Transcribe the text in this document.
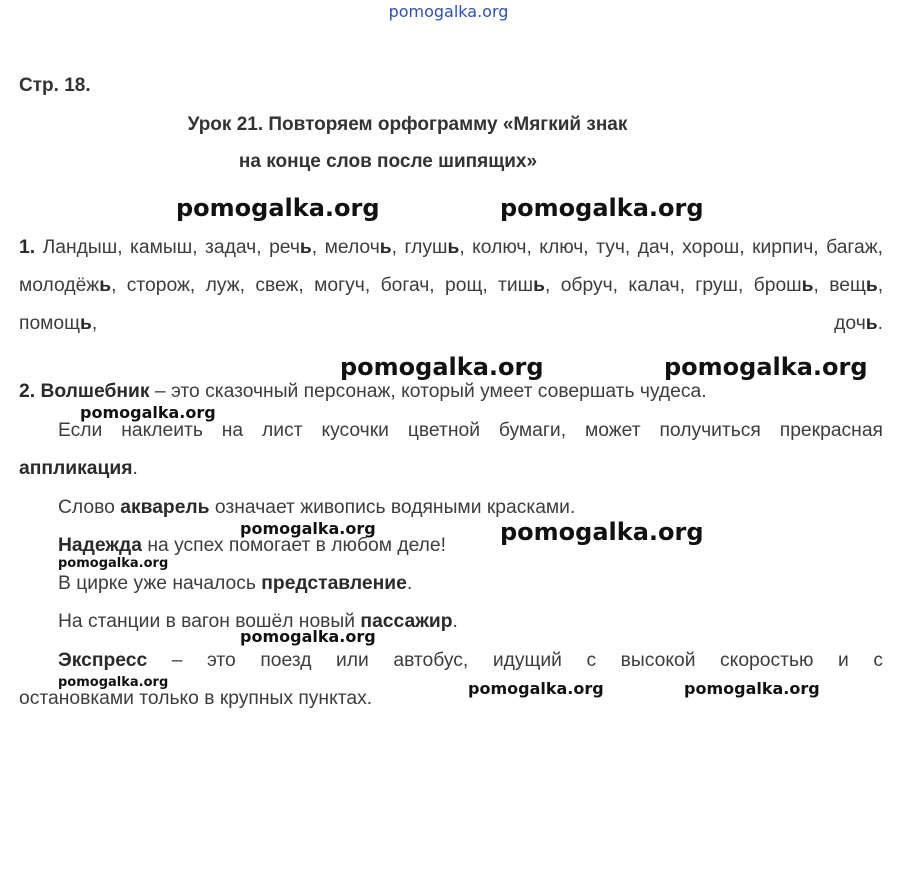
pomogalka.org
Стр. 18.
Урок 21. Повторяем орфограмму «Мягкий знак
на конце слов после шипящих»
pomogalka.org	pomogalka.org
1. Ландыш, камыш, задач, речь, мелочь, глушь, колюч, ключ, туч, дач, хорош, кирпич, багаж, молодёжь, сторож, луж, свеж, могуч, богач, рощ, тишь, обруч, калач, груш, брошь, вещь, помощь,	дочь.
pomogalka.org	pomogalka.org
2. Волшебник – это сказочный персонаж, который умеет совершать чудеса.
pomogalka.org
Если наклеить на лист кусочки цветной бумаги, может получиться прекрасная
аппликация.
Слово акварель означает живопись водяными красками.
pomogalka.org	pomogalka.org
Надежда на успех помогает в любом деле!
pomogalka.org
В цирке уже началось представление.
На станции в вагон вошёл новый пассажир.
pomogalka.org
Экспресс – это поезд или автобус, идущий с высокой скоростью и с
pomogalka.org
остановками только в крупных пунктах.	pomogalka.org	pomogalka.org
